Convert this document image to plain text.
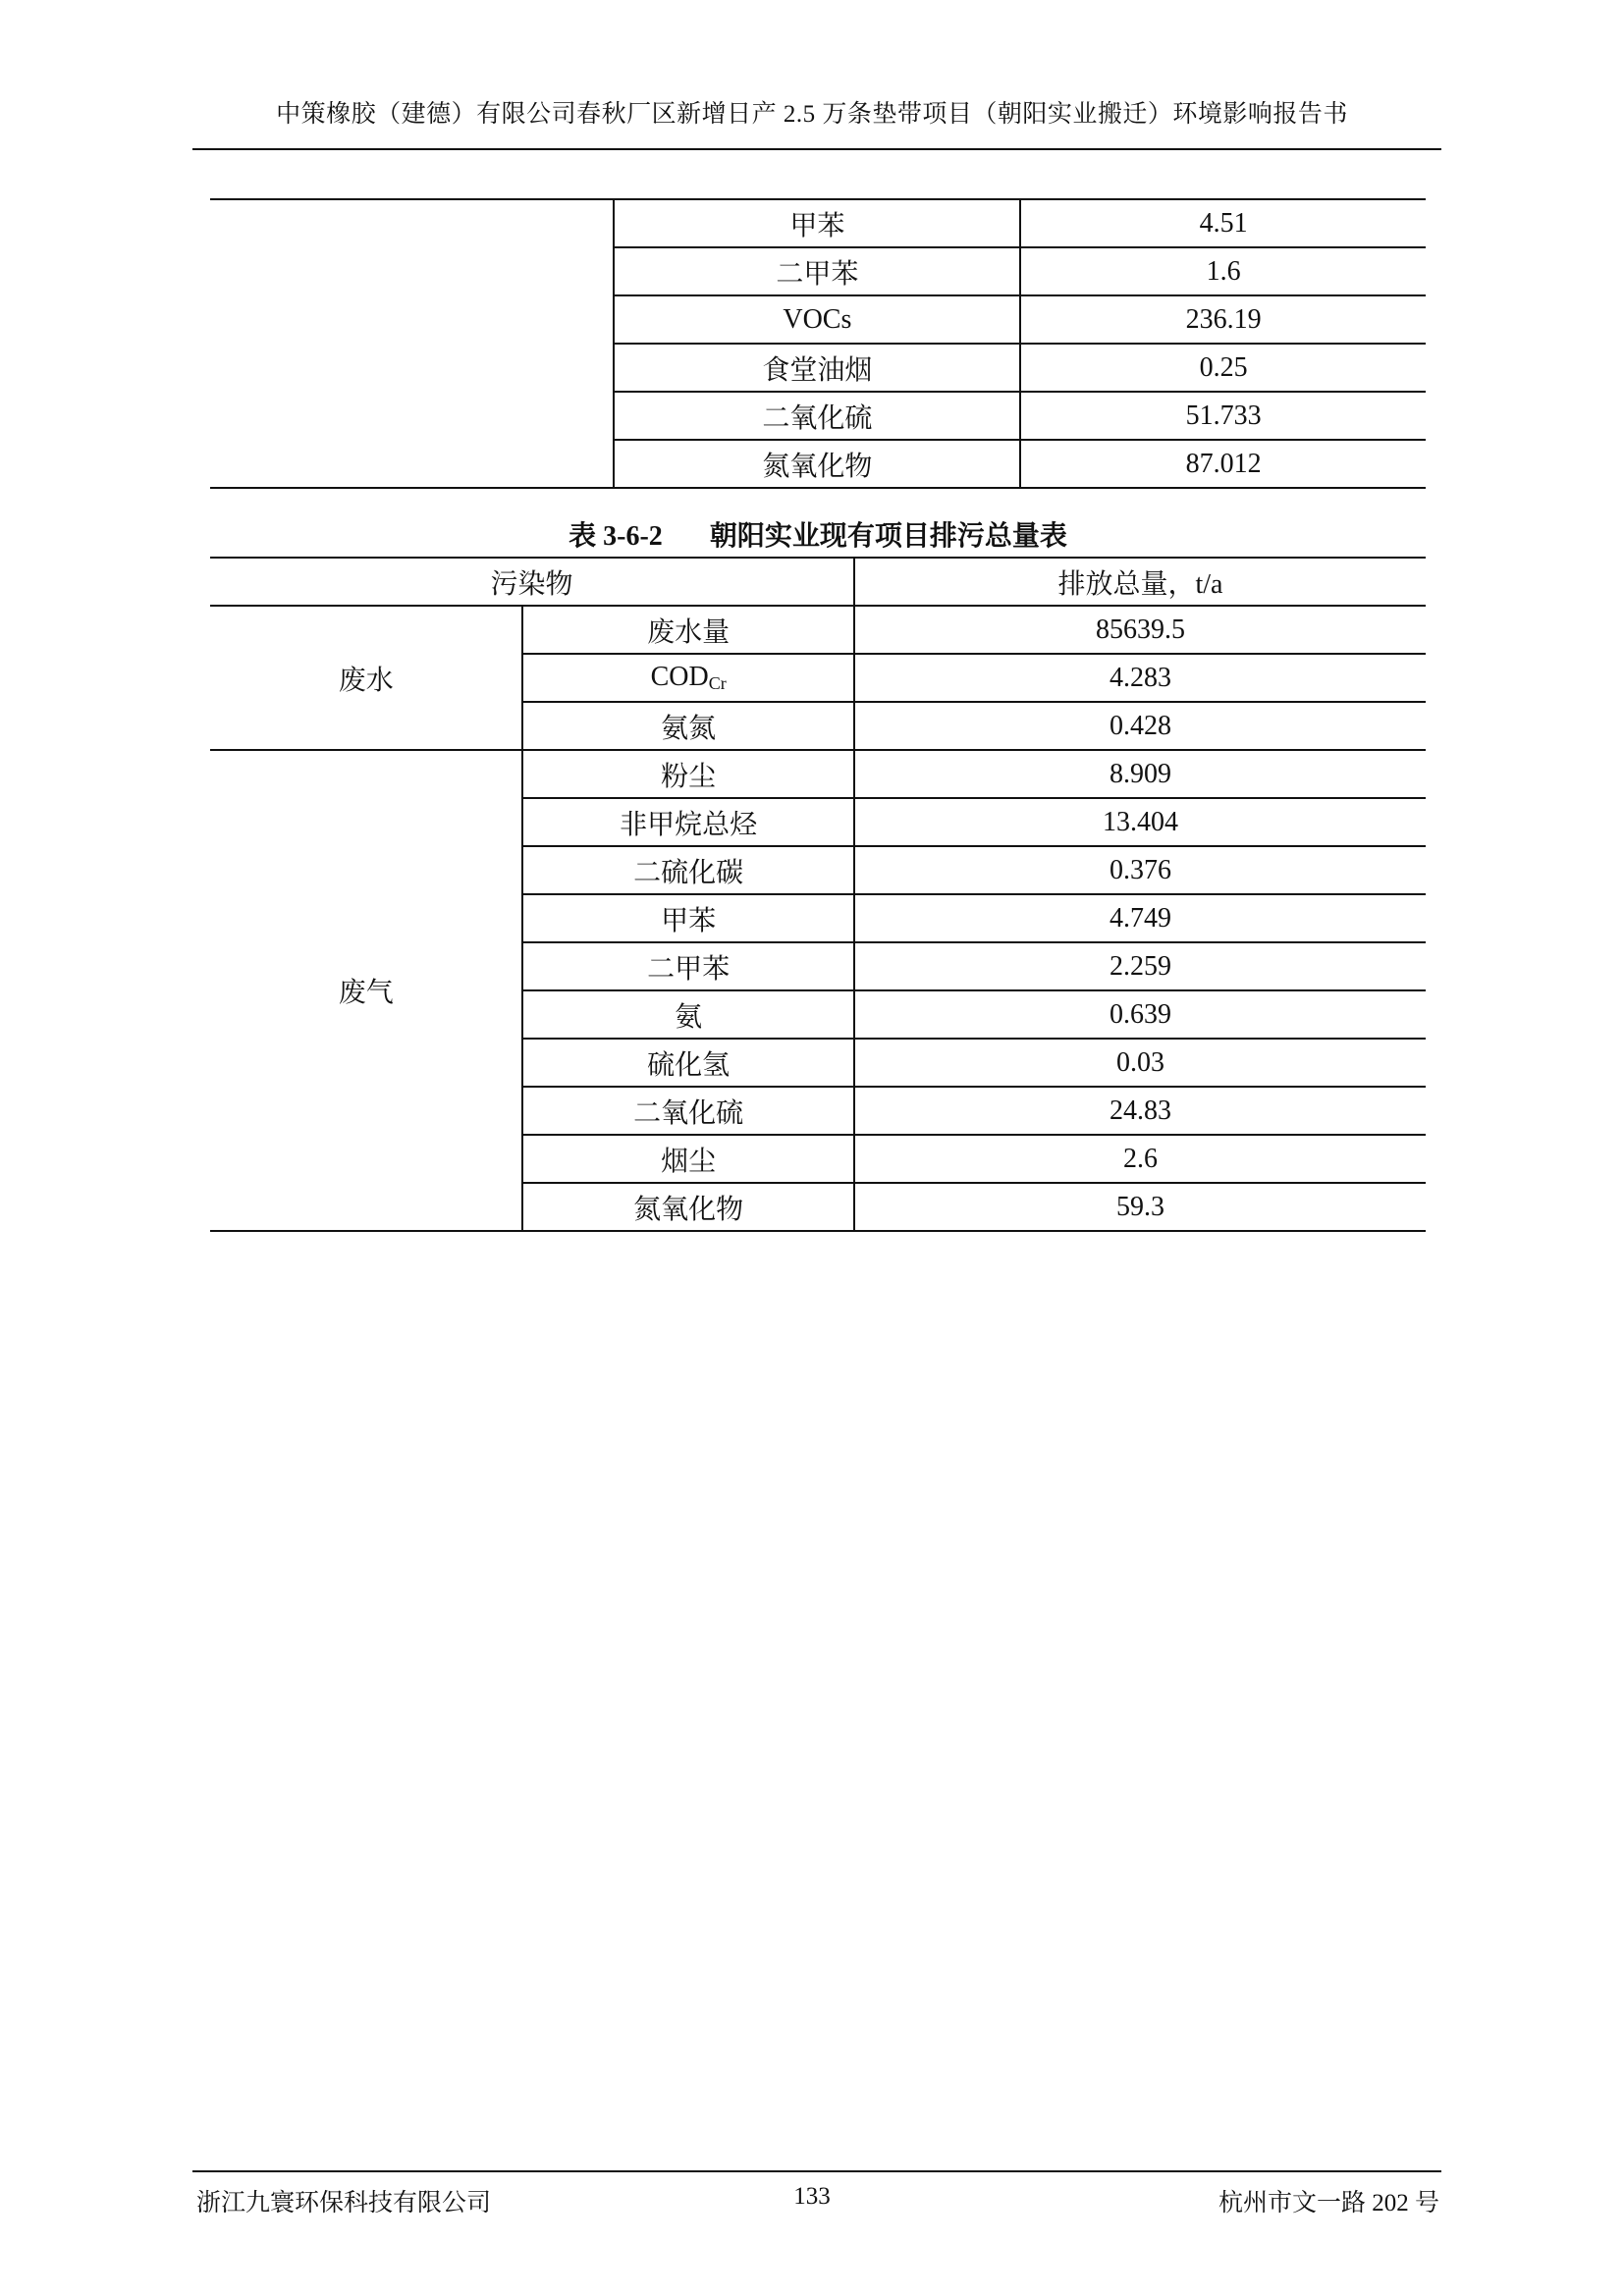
中策橡胶（建德）有限公司春秋厂区新增日产 2.5 万条垫带项目（朝阳实业搬迁）环境影响报告书
	甲苯	4.51
	二甲苯	1.6
	VOCs	236.19
	食堂油烟	0.25
	二氧化硫	51.733
	氮氧化物	87.012
表 3-6-2 朝阳实业现有项目排污总量表
污染物		排放总量，t/a
废水	废水量	85639.5
	$COD_{Cr}$	4.283
	氨氮	0.428
废气	粉尘	8.909
	非甲烷总烃	13.404
	二硫化碳	0.376
	甲苯	4.749
	二甲苯	2.259
	氨	0.639
	硫化氢	0.03
	二氧化硫	24.83
	烟尘	2.6
	氮氧化物	59.3
浙江九寰环保科技有限公司	133	杭州市文一路 202 号
